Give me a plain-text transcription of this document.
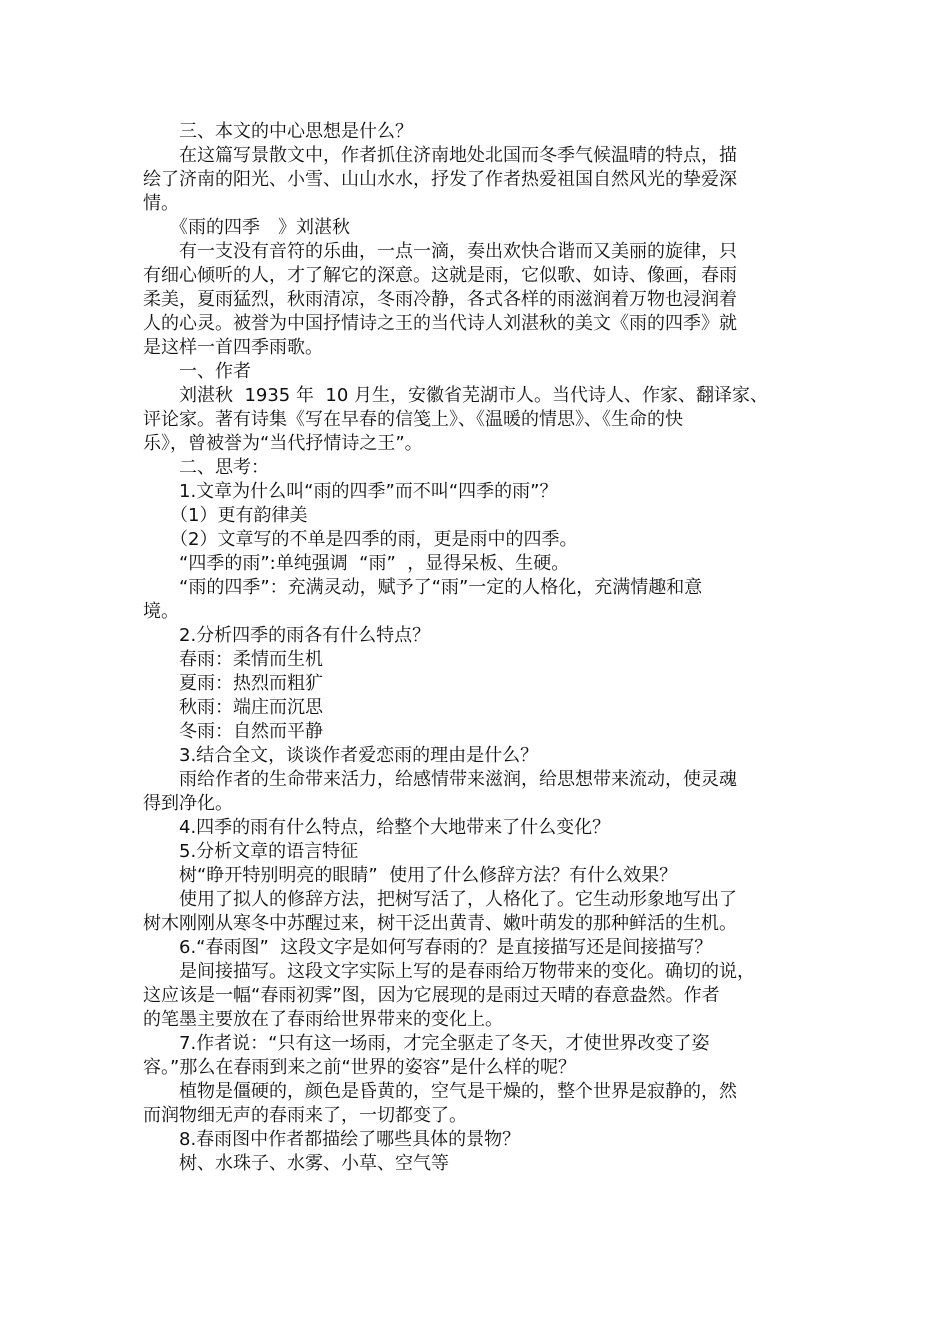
　　三、本文的中心思想是什么？

　　在这篇写景散文中，作者抓住济南地处北国而冬季气候温晴的特点，描

绘了济南的阳光、小雪、山山水水，抒发了作者热爱祖国自然风光的挚爱深

情。

　　《雨的四季　》刘湛秋

　　有一支没有音符的乐曲，一点一滴，奏出欢快合谐而又美丽的旋律，只

有细心倾听的人，才了解它的深意。这就是雨，它似歌、如诗、像画，春雨

柔美，夏雨猛烈，秋雨清凉，冬雨冷静，各式各样的雨滋润着万物也浸润着

人的心灵。被誉为中国抒情诗之王的当代诗人刘湛秋的美文《雨的四季》就

是这样一首四季雨歌。

　　一、作者

　　刘湛秋  1935 年  10 月生，安徽省芜湖市人。当代诗人、作家、翻译家、

评论家。著有诗集《写在早春的信笺上》、《温暖的情思》、《生命的快

乐》，曾被誉为“当代抒情诗之王”。

　　二、思考：

　　1.文章为什么叫“雨的四季”而不叫“四季的雨”？

　　（1）更有韵律美

　　（2）文章写的不单是四季的雨，更是雨中的四季。

　　“四季的雨”:单纯强调  “雨”  ，显得呆板、生硬。

　　“雨的四季”：充满灵动，赋予了“雨”一定的人格化，充满情趣和意

境。

　　2.分析四季的雨各有什么特点？

　　春雨：柔情而生机

　　夏雨：热烈而粗犷

　　秋雨：端庄而沉思

　　冬雨：自然而平静

　　3.结合全文，谈谈作者爱恋雨的理由是什么？

　　雨给作者的生命带来活力，给感情带来滋润，给思想带来流动，使灵魂

得到净化。

　　4.四季的雨有什么特点，给整个大地带来了什么变化？

　　5.分析文章的语言特征

　　树“睁开特别明亮的眼睛”  使用了什么修辞方法？有什么效果？

　　使用了拟人的修辞方法，把树写活了，人格化了。它生动形象地写出了

树木刚刚从寒冬中苏醒过来，树干泛出黄青、嫩叶萌发的那种鲜活的生机。

　　6.“春雨图”  这段文字是如何写春雨的？是直接描写还是间接描写？

　　是间接描写。这段文字实际上写的是春雨给万物带来的变化。确切的说，

这应该是一幅“春雨初霁”图，因为它展现的是雨过天晴的春意盎然。作者

的笔墨主要放在了春雨给世界带来的变化上。

　　7.作者说：“只有这一场雨，才完全驱走了冬天，才使世界改变了姿

容。”那么在春雨到来之前“世界的姿容”是什么样的呢？

　　植物是僵硬的，颜色是昏黄的，空气是干燥的，整个世界是寂静的，然

而润物细无声的春雨来了，一切都变了。

　　8.春雨图中作者都描绘了哪些具体的景物？

　　树、水珠子、水雾、小草、空气等
